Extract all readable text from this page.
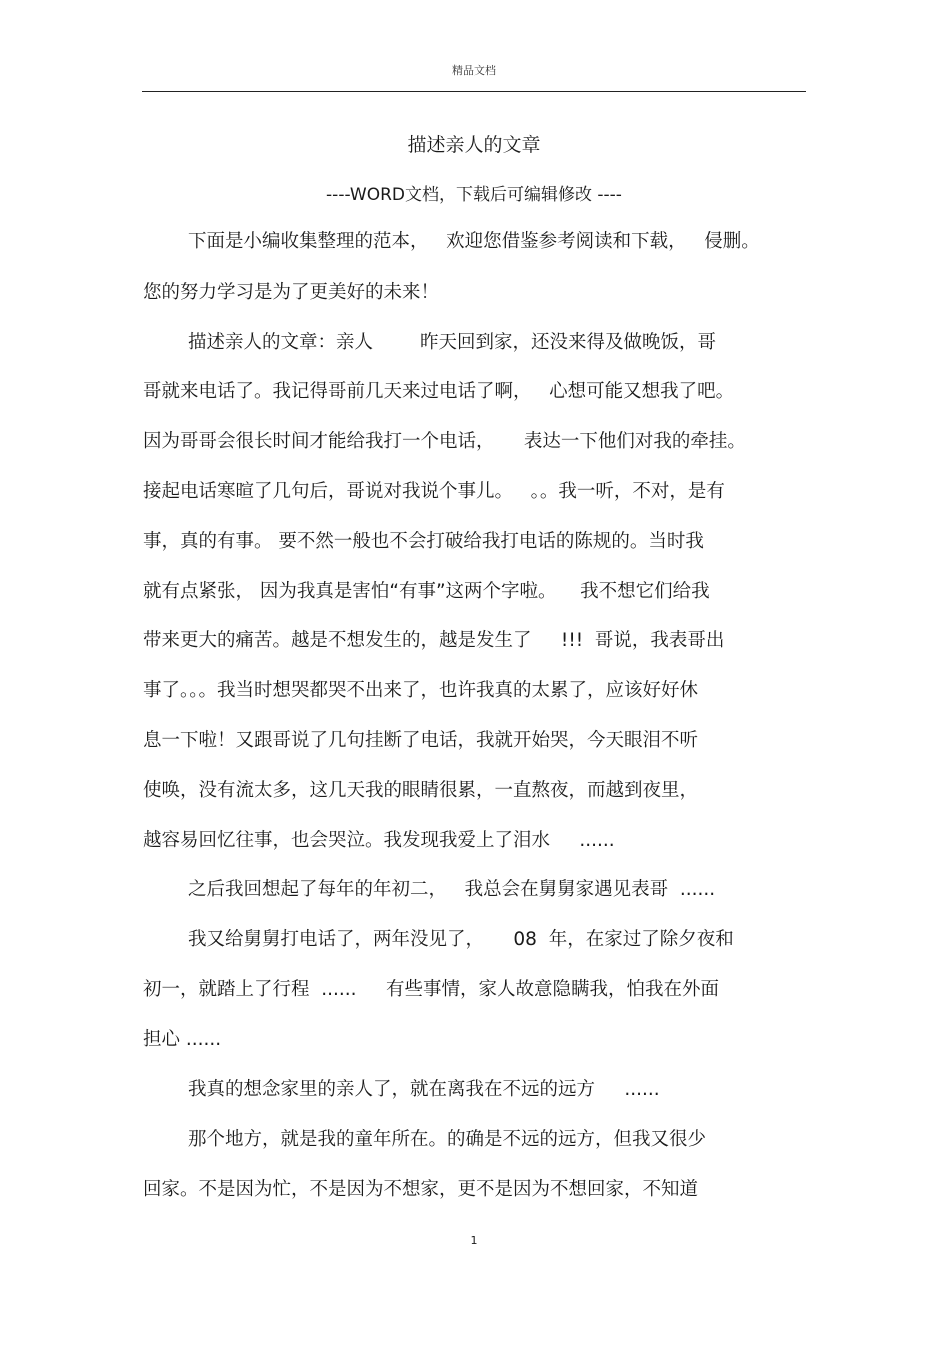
精品文档
描述亲人的文章
----WORD文档，下载后可编辑修改 ----
下面是小编收集整理的范本，   欢迎您借鉴参考阅读和下载，   侵删。
您的努力学习是为了更美好的未来！
描述亲人的文章：亲人        昨天回到家，还没来得及做晚饭，哥
哥就来电话了。我记得哥前几天来过电话了啊，   心想可能又想我了吧。
因为哥哥会很长时间才能给我打一个电话，     表达一下他们对我的牵挂。
接起电话寒暄了几句后，哥说对我说个事儿。   。。我一听，不对，是有
事，真的有事。 要不然一般也不会打破给我打电话的陈规的。当时我
就有点紧张， 因为我真是害怕“有事”这两个字啦。    我不想它们给我
带来更大的痛苦。越是不想发生的，越是发生了     !!!  哥说，我表哥出
事了。。。我当时想哭都哭不出来了，也许我真的太累了，应该好好休
息一下啦！又跟哥说了几句挂断了电话，我就开始哭，今天眼泪不听
使唤，没有流太多，这几天我的眼睛很累，一直熬夜，而越到夜里，
越容易回忆往事，也会哭泣。我发现我爱上了泪水     ......
之后我回想起了每年的年初二，   我总会在舅舅家遇见表哥  ......
我又给舅舅打电话了，两年没见了，     08  年，在家过了除夕夜和
初一，就踏上了行程  ......     有些事情，家人故意隐瞒我，怕我在外面
担心 ......
我真的想念家里的亲人了，就在离我在不远的远方     ......
那个地方，就是我的童年所在。的确是不远的远方，但我又很少
回家。不是因为忙，不是因为不想家，更不是因为不想回家，不知道
1
